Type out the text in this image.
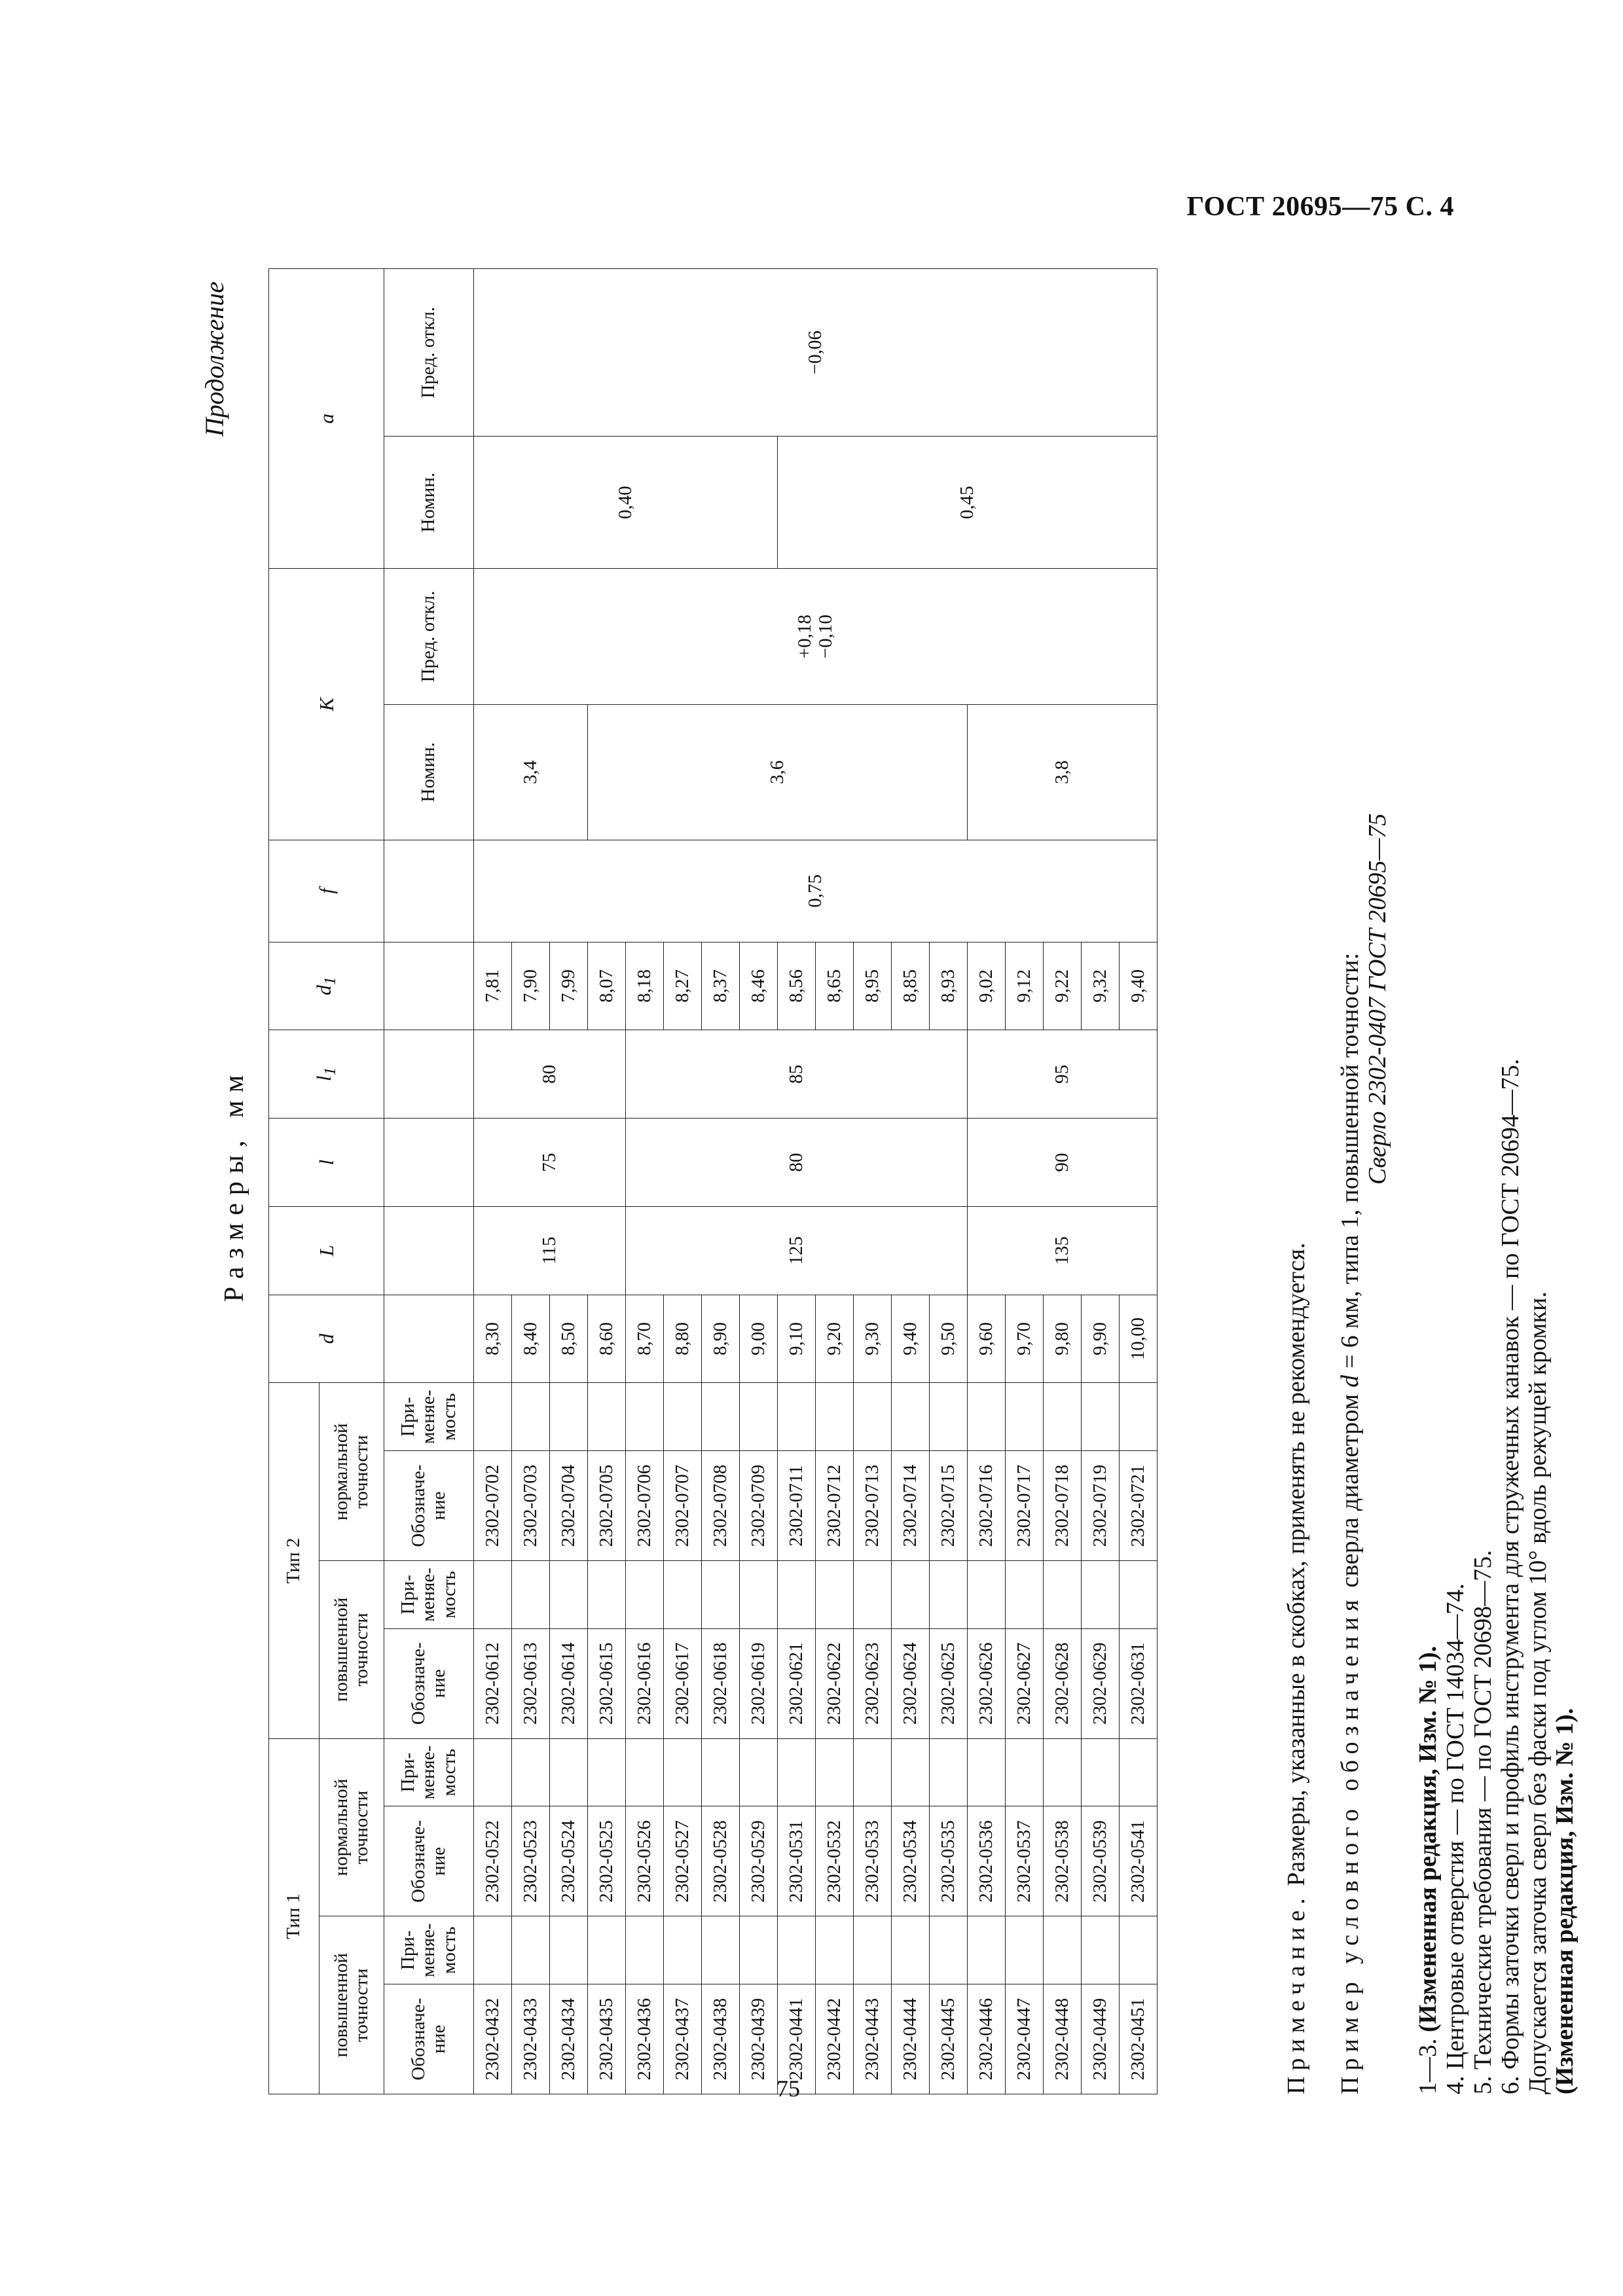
ГОСТ 20695—75 С. 4
Продолжение
Размеры, мм
Тип 1				Тип 2				d	L	l	$l_1$	$d_1$	f	K		a	
повышенной точности		нормальной точности		повышенной точности		нормальной точности											
Обозначе- ние	При- меняе- мость	Обозначе- ние	При- меняе- мость	Обозначе- ние	При- меняе- мость	Обозначе- ние	При- меняе- мость							Номин.	Пред. откл.	Номин.	Пред. откл.

2302-0432		2302-0522		2302-0612		2302-0702		8,30	115	75	80	7,81	0,75	3,4	+0,18 −0,10	0,40	−0,06
2302-0433		2302-0523		2302-0613		2302-0703		8,40				7,90					
2302-0434		2302-0524		2302-0614		2302-0704		8,50				7,99					
2302-0435		2302-0525		2302-0615		2302-0705		8,60				8,07		3,6			
2302-0436		2302-0526		2302-0616		2302-0706		8,70	125	80	85	8,18					
2302-0437		2302-0527		2302-0617		2302-0707		8,80				8,27					
2302-0438		2302-0528		2302-0618		2302-0708		8,90				8,37					
2302-0439		2302-0529		2302-0619		2302-0709		9,00				8,46					
2302-0441		2302-0531		2302-0621		2302-0711		9,10				8,56				0,45	
2302-0442		2302-0532		2302-0622		2302-0712		9,20				8,65					
2302-0443		2302-0533		2302-0623		2302-0713		9,30				8,95					
2302-0444		2302-0534		2302-0624		2302-0714		9,40				8,85					
2302-0445		2302-0535		2302-0625		2302-0715		9,50				8,93					
2302-0446		2302-0536		2302-0626		2302-0716		9,60	135	90	95	9,02		3,8			
2302-0447		2302-0537		2302-0627		2302-0717		9,70				9,12					
2302-0448		2302-0538		2302-0628		2302-0718		9,80				9,22					
2302-0449		2302-0539		2302-0629		2302-0719		9,90				9,32					
2302-0451		2302-0541		2302-0631		2302-0721		10,00				9,40					

Примечание. Размеры, указанные в скобках, применять не рекомендуется. Пример условного обозначения сверла диаметром d = 6 мм, типа 1, повышенной точности: Сверло 2302-0407 ГОСТ 20695—75

1—3. (Измененная редакция, Изм. № 1). 4. Центровые отверстия — по ГОСТ 14034—74. 5. Технические требования — по ГОСТ 20698—75. 6. Формы заточки сверл и профиль инструмента для стружечных канавок — по ГОСТ 20694—75. Допускается заточка сверл без фаски под углом 10° вдоль режущей кромки. (Измененная редакция, Изм. № 1).

75
